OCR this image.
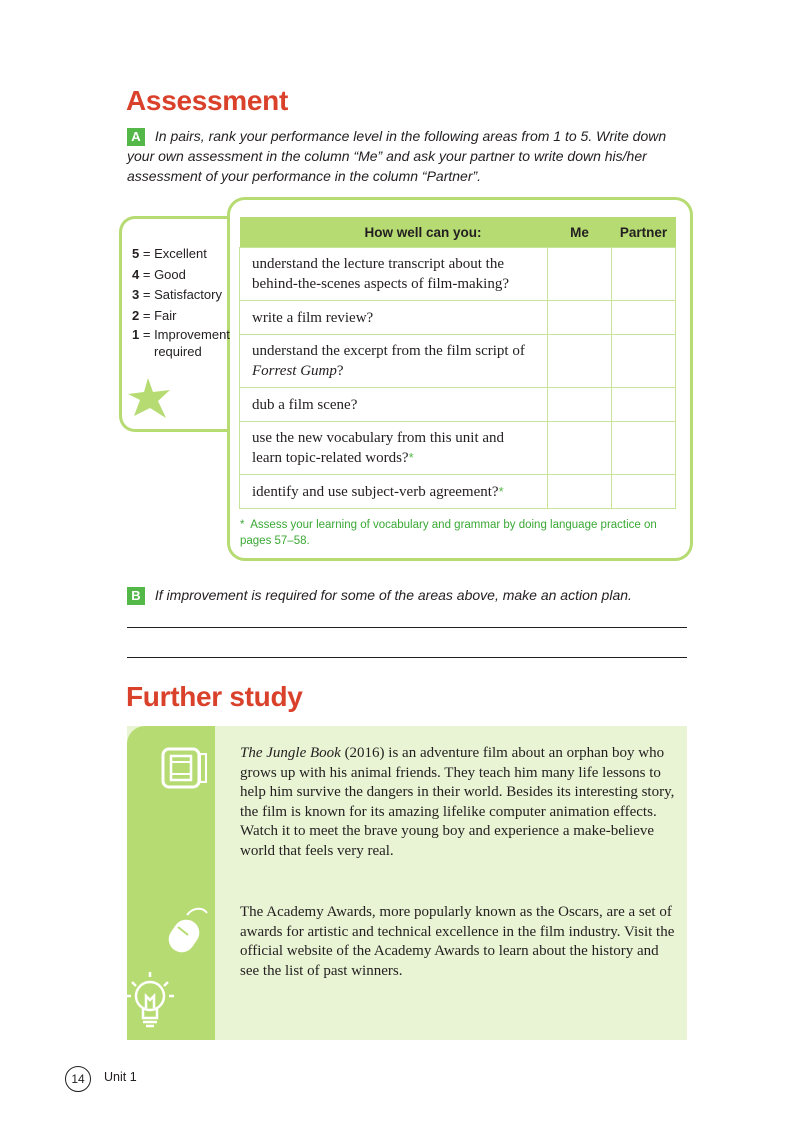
Assessment
A In pairs, rank your performance level in the following areas from 1 to 5. Write down your own assessment in the column “Me” and ask your partner to write down his/her assessment of your performance in the column “Partner”.
5 = Excellent
4 = Good
3 = Satisfactory
2 = Fair
1 = Improvement
required
How well can you:	Me	Partner
understand the lecture transcript about the behind-the-scenes aspects of film-making?		
write a film review?		
understand the excerpt from the film script of Forrest Gump?		
dub a film scene?		
use the new vocabulary from this unit and learn topic-related words?*		
identify and use subject-verb agreement?*		
* Assess your learning of vocabulary and grammar by doing language practice on pages 57–58.
B If improvement is required for some of the areas above, make an action plan.
Further study
The Jungle Book (2016) is an adventure film about an orphan boy who grows up with his animal friends. They teach him many life lessons to help him survive the dangers in their world. Besides its interesting story, the film is known for its amazing lifelike computer animation effects. Watch it to meet the brave young boy and experience a make-believe world that feels very real.
The Academy Awards, more popularly known as the Oscars, are a set of awards for artistic and technical excellence in the film industry. Visit the official website of the Academy Awards to learn about the history and see the list of past winners.
14	Unit 1
